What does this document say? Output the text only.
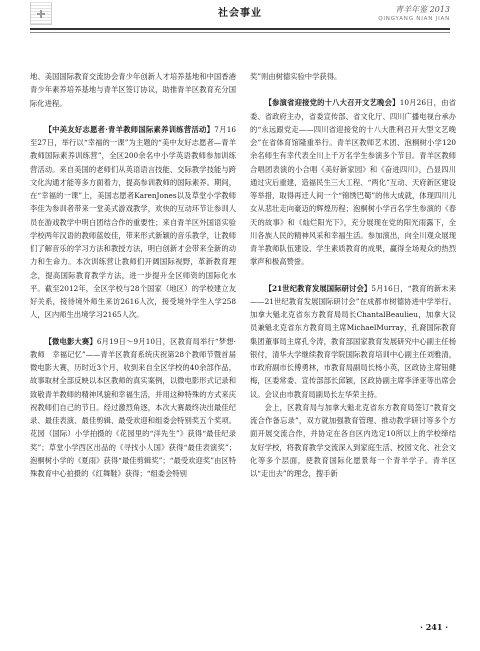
社会事业	青羊年鉴 2013
QINGYANG NIAN JIAN

地、美国国际教育交流协会青少年创新人才培养基地和中国香港青少年素养培养基地与青羊区签订协议，助推青羊区教育充分国际化进程。

【中美友好志愿者·青羊教师国际素养训练营活动】7月16至27日，举行以“幸福的一课”为主题的“美中友好志愿者—青羊教师国际素养训练营”，全区200余名中小学英语教师参加训练营活动。来自美国的老师们从英语语言技能、交际教学技能与跨文化沟通才能等多方面着力，提高参训教师的国际素养。期间，在“幸福的一课”上，美国志愿者KarenJones以及草堂小学教师李佳为参训者带来一堂美式游戏教学，欢快的互动环节让参训人员在游戏教学中明白团结合作的重要性；来自青羊区外国语实验学校两年汉语的教师蓝姣佳，带来形式新颖的音乐教学，让教师们了解音乐的学习方法和教授方法，明白创新才会带来全新的动力和生命力。本次训练营让教师们开阔国际视野，革新教育理念，提高国际教育教学方法，进一步提升全区师资的国际化水平。截至2012年，全区学校与28个国家（地区）的学校建立友好关系，接待境外师生来访2616人次，接受境外学生入学258人，区内师生出境学习2165人次。

【微电影大赛】6月19日～9月10日，区教育局举行“梦想·教师　幸福记忆”——青羊区教育系统庆祝第28个教师节暨首届微电影大赛，历时近3个月，收到来自全区学校的40余部作品，故事取材全部反映以本区教师的真实案例，以微电影形式记录和致敬青羊教师的精神风貌和幸福生活，并用这种特殊的方式来庆祝教师们自己的节日。经过激烈角逐，本次大赛最终决出最佳纪录、最佳表演、最佳剪辑、最受欢迎和组委会特别奖五个奖项。花园（国际）小学拍摄的《花园里的“洋先生”》获得“最佳纪录奖”；草堂小学西区出品的《寻找小人国》获得“最佳表演奖”；泡桐树小学的《夏雨》获得“最佳剪辑奖”；“最受欢迎奖”由区特殊教育中心拍摄的《红舞鞋》获得；“组委会特别

奖”则由树德实验中学获得。

【参演省迎接党的十八大召开文艺晚会】10月26日，由省委、省政府主办，省委宣传部、省文化厅、四川广播电视台承办的“永远跟党走——四川省迎接党的十八大胜利召开大型文艺晚会”在省体育馆隆重举行。青羊区教师艺术团、泡桐树小学120余名师生有幸代表全川上千万名学生参演多个节目。青羊区教师合唱团表演的小合唱《美好新家园》和《奋进四川》，凸显四川通过灾后重建，造福民生三大工程、“两化”互动、天府新区建设等举措，取得再迁人间一个“锦绣巴蜀”的伟大成就，体现四川儿女从悲壮走向豪迈的辉煌历程；泡桐树小学百名学生参演的《春天的故事》和《灿烂阳光下》，充分展现在党的阳光雨露下，全川各族人民的精神风采和幸福生活。参加演出，向全川观众展现青羊教师队伍建设、学生素质教育的成果，赢得全场观众的热烈掌声和极高赞誉。

【21世纪教育发展国际研讨会】5月16日，“教育的新未来——21世纪教育发展国际研讨会”在成都市树德协进中学举行。加拿大魁北克省东方教育局局长ChantalBeaulieu，加拿大议员兼魁北克省东方教育局主席MichaelMurray，孔裔国际教育集团董事局主席孔令涛，教育部国家教育发展研究中心副主任杨银付，清华大学继续教育学院国际教育培训中心副主任刘雅清，市政府副市长傅勇林，市教育局副局长杨小英，区政协主席钮健梅，区委常委、宣传部部长邱颖，区政协副主席李泽亚等出席会议。会议由市教育局副局长左华荣主持。

会上，区教育局与加拿大魁北克省东方教育局签订“教育交流合作备忘录”，双方就加强教育管理、推动教学研讨等多个方面开展交流合作，并协定在各自区内选定10所以上的学校缔结友好学校，将教育教学交流深入到家庭生活、校园文化、社会文化等多个层面，使教育国际化愿景每一个青羊学子。青羊区以“走出去”的理念，搜手新

· 241 ·
